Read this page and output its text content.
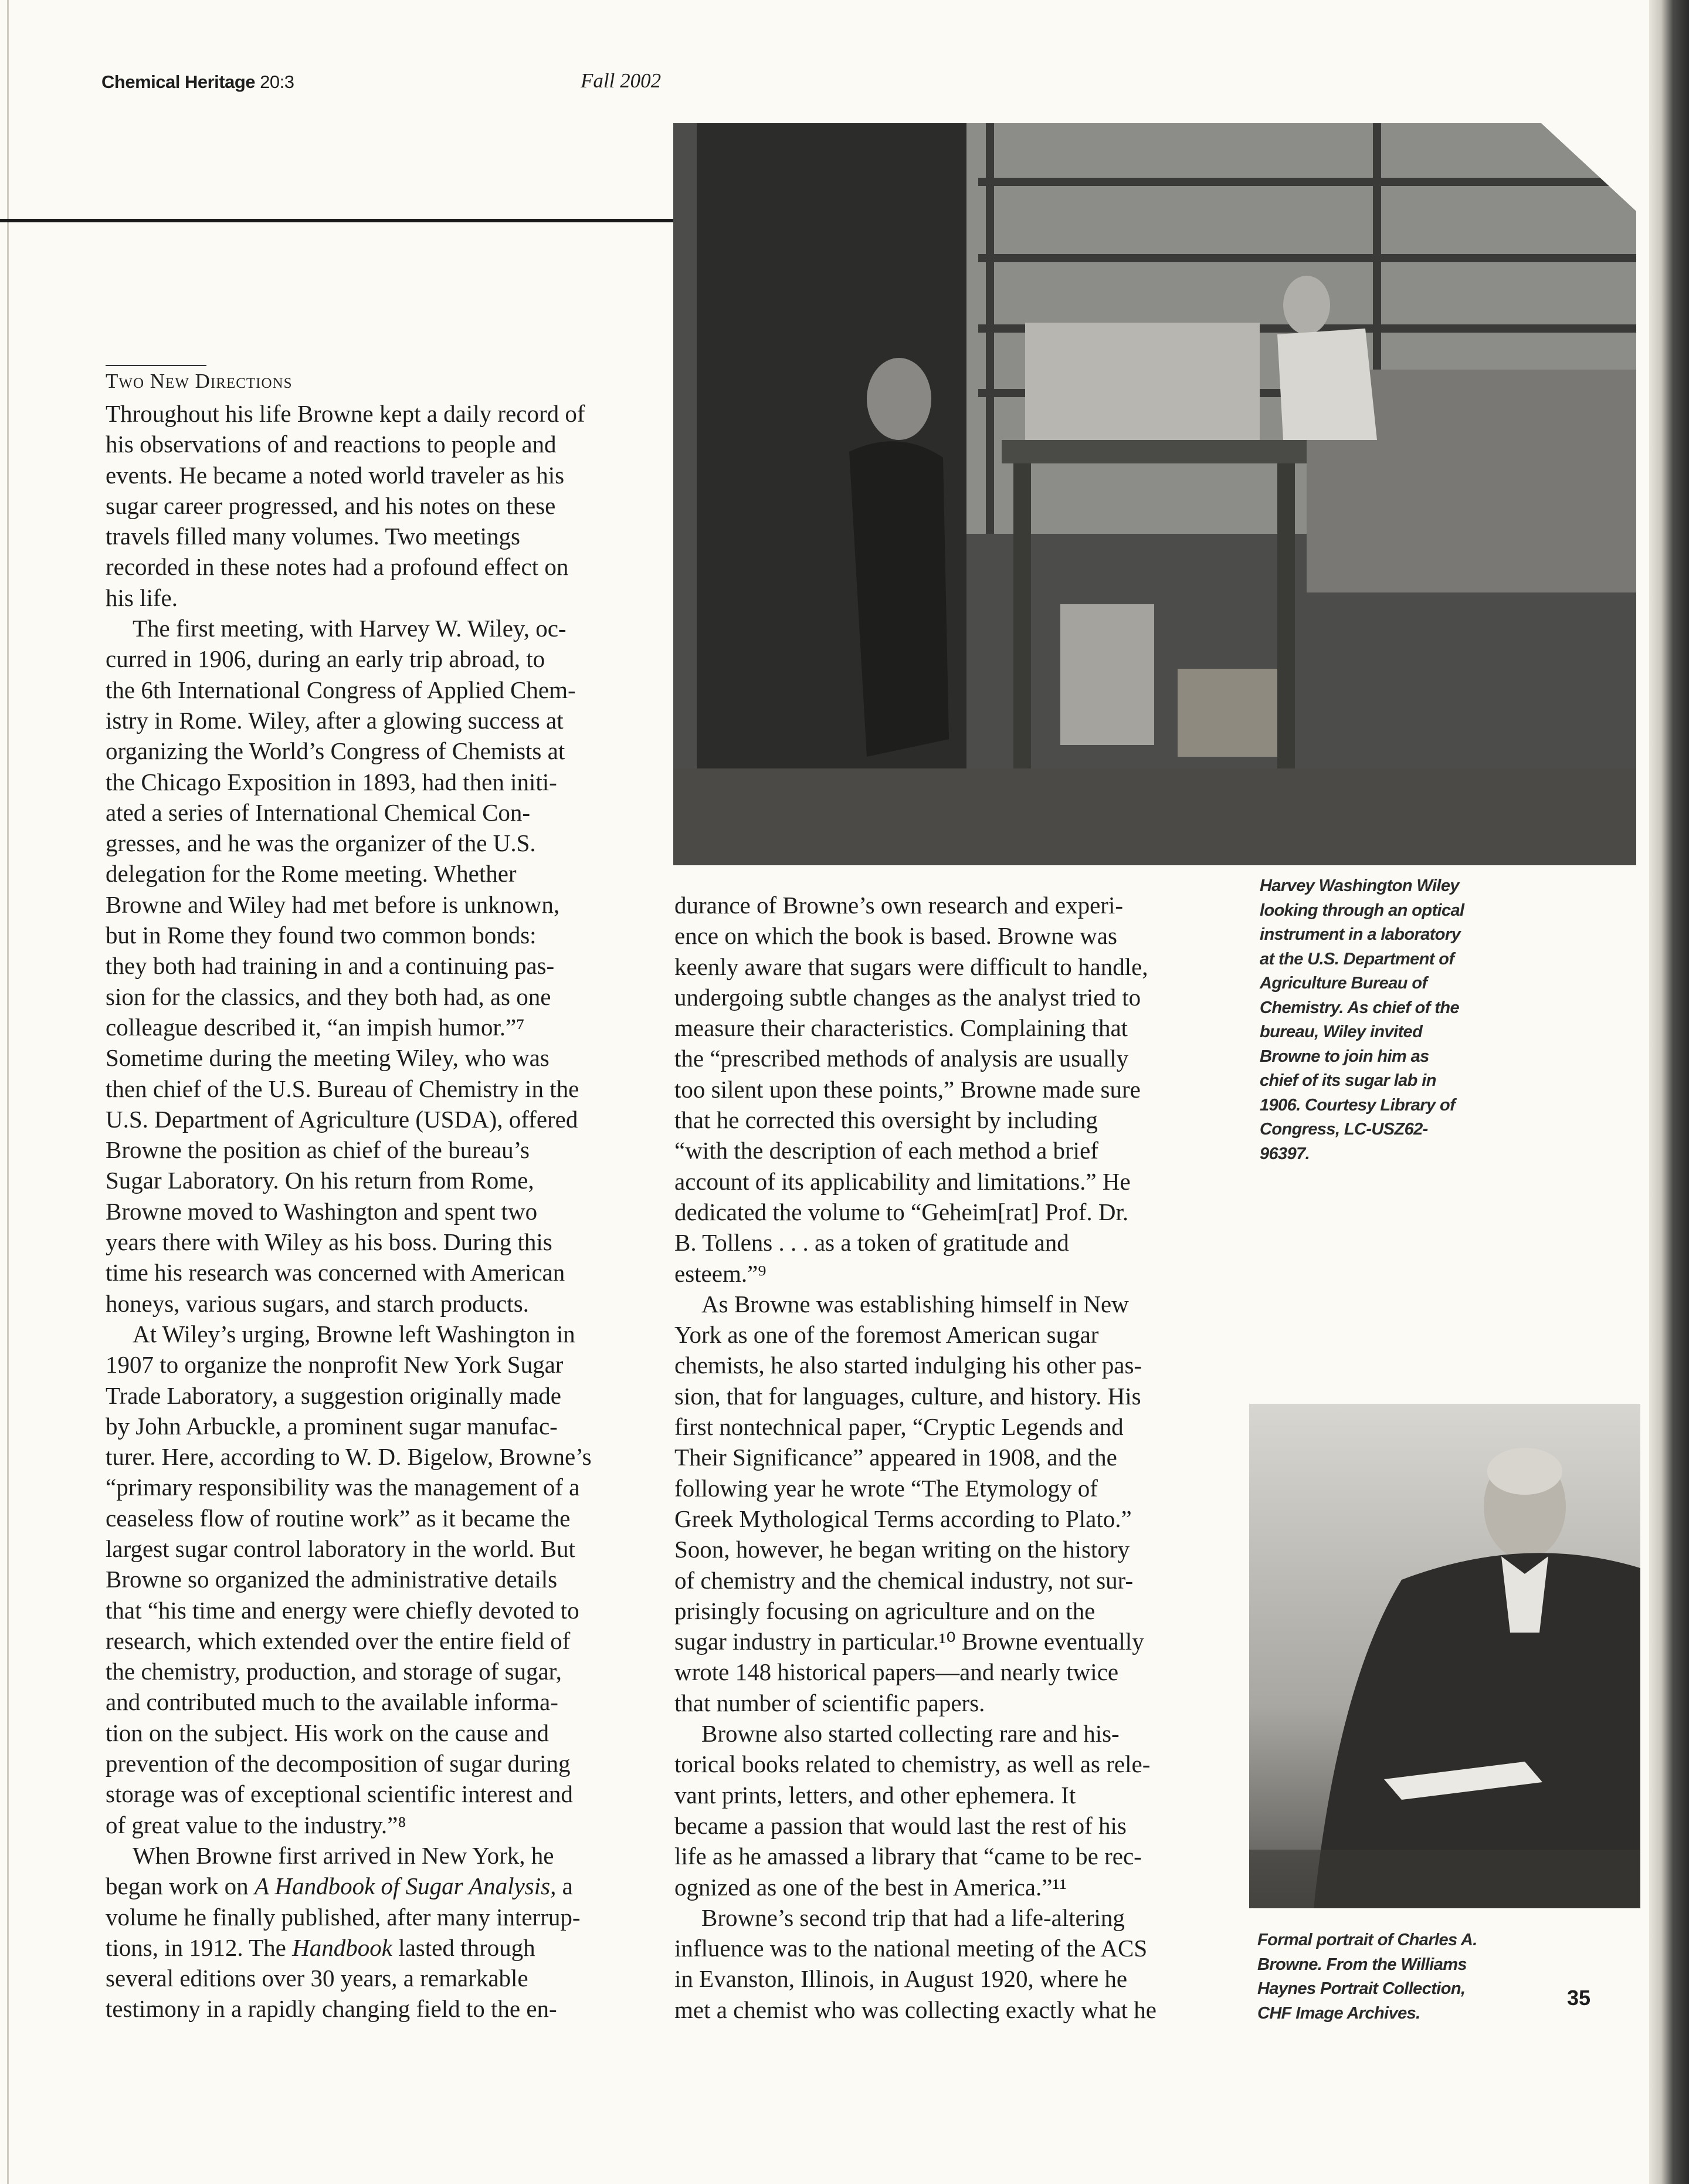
Chemical Heritage 20:3	Fall 2002
Two New Directions
Throughout his life Browne kept a daily record of
his observations of and reactions to people and
events. He became a noted world traveler as his
sugar career progressed, and his notes on these
travels filled many volumes. Two meetings
recorded in these notes had a profound effect on
his life.
The first meeting, with Harvey W. Wiley, oc-
curred in 1906, during an early trip abroad, to
the 6th International Congress of Applied Chem-
istry in Rome. Wiley, after a glowing success at
organizing the World’s Congress of Chemists at
the Chicago Exposition in 1893, had then initi-
ated a series of International Chemical Con-
gresses, and he was the organizer of the U.S.
delegation for the Rome meeting. Whether
Browne and Wiley had met before is unknown,
but in Rome they found two common bonds:
they both had training in and a continuing pas-
sion for the classics, and they both had, as one
colleague described it, “an impish humor.”⁷
Sometime during the meeting Wiley, who was
then chief of the U.S. Bureau of Chemistry in the
U.S. Department of Agriculture (USDA), offered
Browne the position as chief of the bureau’s
Sugar Laboratory. On his return from Rome,
Browne moved to Washington and spent two
years there with Wiley as his boss. During this
time his research was concerned with American
honeys, various sugars, and starch products.
At Wiley’s urging, Browne left Washington in
1907 to organize the nonprofit New York Sugar
Trade Laboratory, a suggestion originally made
by John Arbuckle, a prominent sugar manufac-
turer. Here, according to W. D. Bigelow, Browne’s
“primary responsibility was the management of a
ceaseless flow of routine work” as it became the
largest sugar control laboratory in the world. But
Browne so organized the administrative details
that “his time and energy were chiefly devoted to
research, which extended over the entire field of
the chemistry, production, and storage of sugar,
and contributed much to the available informa-
tion on the subject. His work on the cause and
prevention of the decomposition of sugar during
storage was of exceptional scientific interest and
of great value to the industry.”⁸
When Browne first arrived in New York, he
began work on A Handbook of Sugar Analysis, a
volume he finally published, after many interrup-
tions, in 1912. The Handbook lasted through
several editions over 30 years, a remarkable
testimony in a rapidly changing field to the en-
durance of Browne’s own research and experi-
ence on which the book is based. Browne was
keenly aware that sugars were difficult to handle,
undergoing subtle changes as the analyst tried to
measure their characteristics. Complaining that
the “prescribed methods of analysis are usually
too silent upon these points,” Browne made sure
that he corrected this oversight by including
“with the description of each method a brief
account of its applicability and limitations.” He
dedicated the volume to “Geheim[rat] Prof. Dr.
B. Tollens . . . as a token of gratitude and
esteem.”⁹
As Browne was establishing himself in New
York as one of the foremost American sugar
chemists, he also started indulging his other pas-
sion, that for languages, culture, and history. His
first nontechnical paper, “Cryptic Legends and
Their Significance” appeared in 1908, and the
following year he wrote “The Etymology of
Greek Mythological Terms according to Plato.”
Soon, however, he began writing on the history
of chemistry and the chemical industry, not sur-
prisingly focusing on agriculture and on the
sugar industry in particular.¹⁰ Browne eventually
wrote 148 historical papers—and nearly twice
that number of scientific papers.
Browne also started collecting rare and his-
torical books related to chemistry, as well as rele-
vant prints, letters, and other ephemera. It
became a passion that would last the rest of his
life as he amassed a library that “came to be rec-
ognized as one of the best in America.”¹¹
Browne’s second trip that had a life-altering
influence was to the national meeting of the ACS
in Evanston, Illinois, in August 1920, where he
met a chemist who was collecting exactly what he
Harvey Washington Wiley
looking through an optical
instrument in a laboratory
at the U.S. Department of
Agriculture Bureau of
Chemistry. As chief of the
bureau, Wiley invited
Browne to join him as
chief of its sugar lab in
1906. Courtesy Library of
Congress, LC-USZ62-
96397.
Formal portrait of Charles A.
Browne. From the Williams
Haynes Portrait Collection,
CHF Image Archives.
35
